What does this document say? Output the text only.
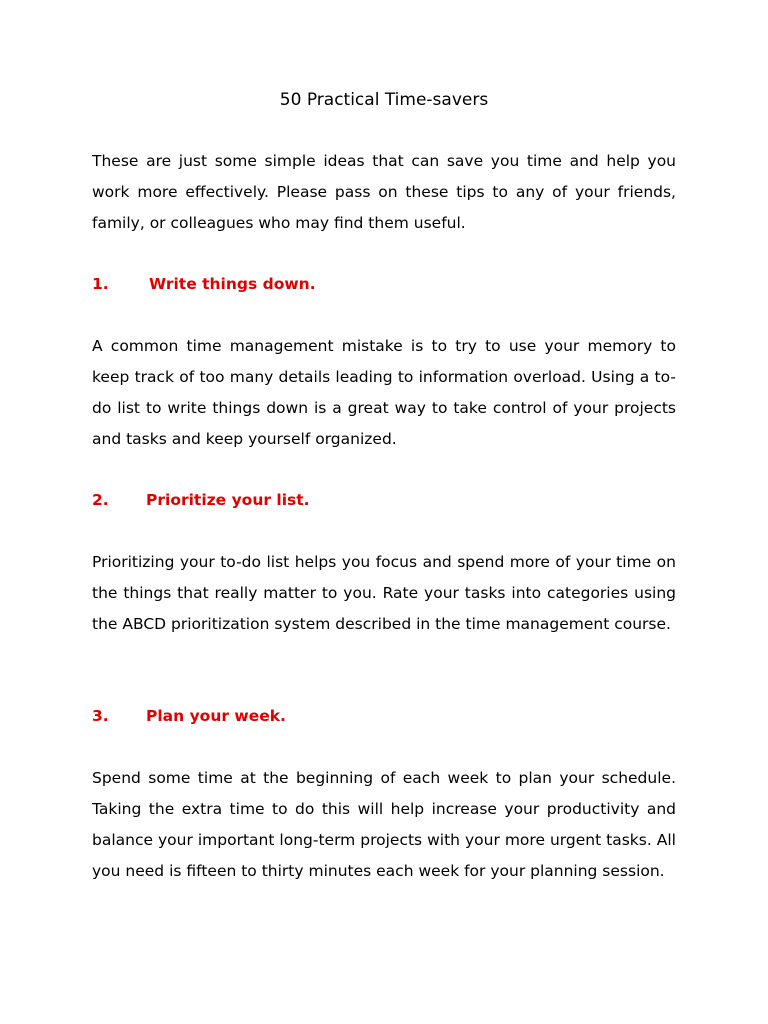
50 Practical Time-savers

These are just some simple ideas that can save you time and help you work more effectively. Please pass on these tips to any of your friends, family, or colleagues who may find them useful.

1.	Write things down.

A common time management mistake is to try to use your memory to keep track of too many details leading to information overload. Using a to-do list to write things down is a great way to take control of your projects and tasks and keep yourself organized.

2. Prioritize your list.

Prioritizing your to-do list helps you focus and spend more of your time on the things that really matter to you. Rate your tasks into categories using the ABCD prioritization system described in the time management course.

3. Plan your week.

Spend some time at the beginning of each week to plan your schedule. Taking the extra time to do this will help increase your productivity and balance your important long-term projects with your more urgent tasks. All you need is fifteen to thirty minutes each week for your planning session.
